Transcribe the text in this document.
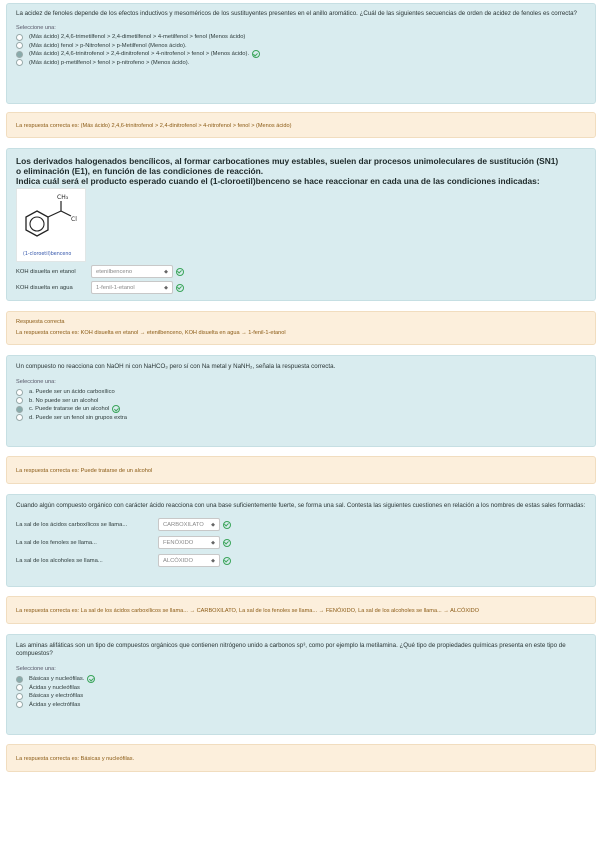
La acidez de fenoles depende de los efectos inductivos y mesoméricos de los sustituyentes presentes en el anillo aromático. ¿Cuál de las siguientes secuencias de orden de acidez de fenoles es correcta?
Seleccione una:
(Más ácido) 2,4,6-trimetilfenol > 2,4-dimetilfenol > 4-metilfenol > fenol (Menos ácido)
(Más ácido) fenol > p-Nitrofenol > p-Metilfenol (Menos ácido).
(Más ácido) 2,4,6-trinitrofenol > 2,4-dinitrofenol > 4-nitrofenol > fenol > (Menos ácido).
(Más ácido) p-metilfenol > fenol > p-nitrofeno > (Menos ácido).
La respuesta correcta es: (Más ácido) 2,4,6-trinitrofenol > 2,4-dinitrofenol > 4-nitrofenol > fenol > (Menos ácido)
Los derivados halogenados bencílicos, al formar carbocationes muy estables, suelen dar procesos unimoleculares de sustitución (SN1)
o eliminación (E1), en función de las condiciones de reacción.
Indica cuál será el producto esperado cuando el (1-cloroetil)benceno se hace reaccionar en cada una de las condiciones indicadas:
CH₃
Cl
(1-cloroetil)benceno
KOH disuelta en etanol	etenilbenceno	◆
KOH disuelta en agua	1-fenil-1-etanol	◆
Respuesta correcta
La respuesta correcta es: KOH disuelta en etanol → etenilbenceno, KOH disuelta en agua → 1-fenil-1-etanol
Un compuesto no reacciona con NaOH ni con NaHCO₃ pero sí con Na metal y NaNH₂, señala la respuesta correcta.
Seleccione una:
a. Puede ser un ácido carboxílico
b. No puede ser un alcohol
c. Puede tratarse de un alcohol
d. Puede ser un fenol sin grupos extra
La respuesta correcta es: Puede tratarse de un alcohol
Cuando algún compuesto orgánico con carácter ácido reacciona con una base suficientemente fuerte, se forma una sal. Contesta las siguientes cuestiones en relación a los nombres de estas sales formadas:
La sal de los ácidos carboxílicos se llama...	CARBOXILATO ◆
La sal de los fenoles se llama...	FENÓXIDO	◆
La sal de los alcoholes se llama...	ALCÓXIDO	◆
La respuesta correcta es: La sal de los ácidos carboxílicos se llama... → CARBOXILATO, La sal de los fenoles se llama... → FENÓXIDO, La sal de los alcoholes se llama... → ALCÓXIDO
Las aminas alifáticas son un tipo de compuestos orgánicos que contienen nitrógeno unido a carbonos sp³, como por ejemplo la metilamina. ¿Qué tipo de propiedades químicas presenta en este tipo de compuestos?
Seleccione una:
Básicas y nucleófilas.
Ácidas y nucleófilas
Básicas y electrófilas
Ácidas y electrófilas
La respuesta correcta es: Básicas y nucleófilas.
